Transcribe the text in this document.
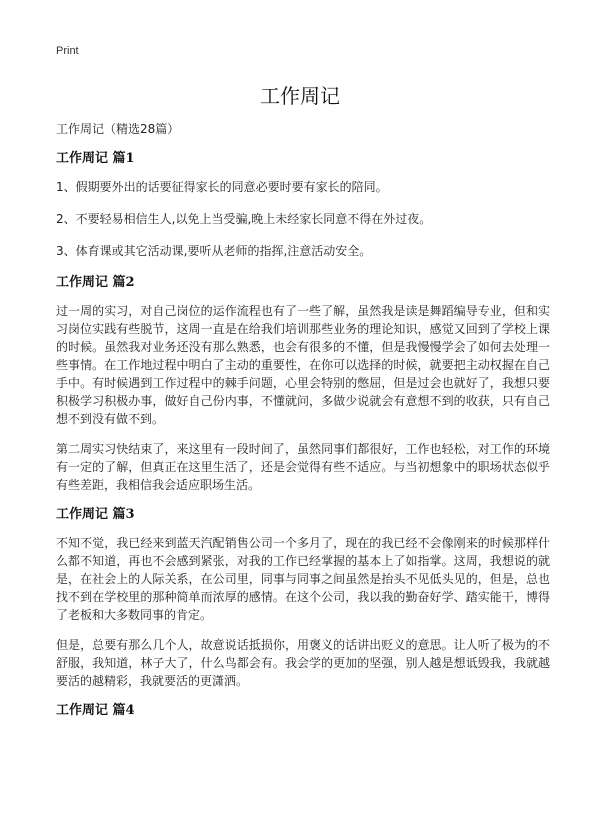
Print
工作周记

工作周记（精选28篇）

工作周记 篇1

1、假期要外出的话要征得家长的同意必要时要有家长的陪同。

2、不要轻易相信生人,以免上当受骗,晚上未经家长同意不得在外过夜。

3、体育课或其它活动课,要听从老师的指挥,注意活动安全。

工作周记 篇2

过一周的实习，对自己岗位的运作流程也有了一些了解，虽然我是读是舞蹈编导专业，但和实习岗位实践有些脱节，这周一直是在给我们培训那些业务的理论知识，感觉又回到了学校上课的时候。虽然我对业务还没有那么熟悉，也会有很多的不懂，但是我慢慢学会了如何去处理一些事情。在工作地过程中明白了主动的重要性，在你可以选择的时候，就要把主动权握在自己手中。有时候遇到工作过程中的棘手问题，心里会特别的憋屈，但是过会也就好了，我想只要积极学习积极办事，做好自己份内事，不懂就问，多做少说就会有意想不到的收获，只有自己想不到没有做不到。

第二周实习快结束了，来这里有一段时间了，虽然同事们都很好，工作也轻松，对工作的环境有一定的了解，但真正在这里生活了，还是会觉得有些不适应。与当初想象中的职场状态似乎有些差距，我相信我会适应职场生活。

工作周记 篇3

不知不觉，我已经来到蓝天汽配销售公司一个多月了，现在的我已经不会像刚来的时候那样什么都不知道，再也不会感到紧张，对我的工作已经掌握的基本上了如指掌。这周，我想说的就是，在社会上的人际关系，在公司里，同事与同事之间虽然是抬头不见低头见的，但是，总也找不到在学校里的那种简单而浓厚的感情。在这个公司，我以我的勤奋好学、踏实能干，博得了老板和大多数同事的肯定。

但是，总要有那么几个人，故意说话抵损你，用褒义的话讲出贬义的意思。让人听了极为的不舒服，我知道，林子大了，什么鸟都会有。我会学的更加的坚强，别人越是想诋毁我，我就越要活的越精彩，我就要活的更潇洒。

工作周记 篇4
